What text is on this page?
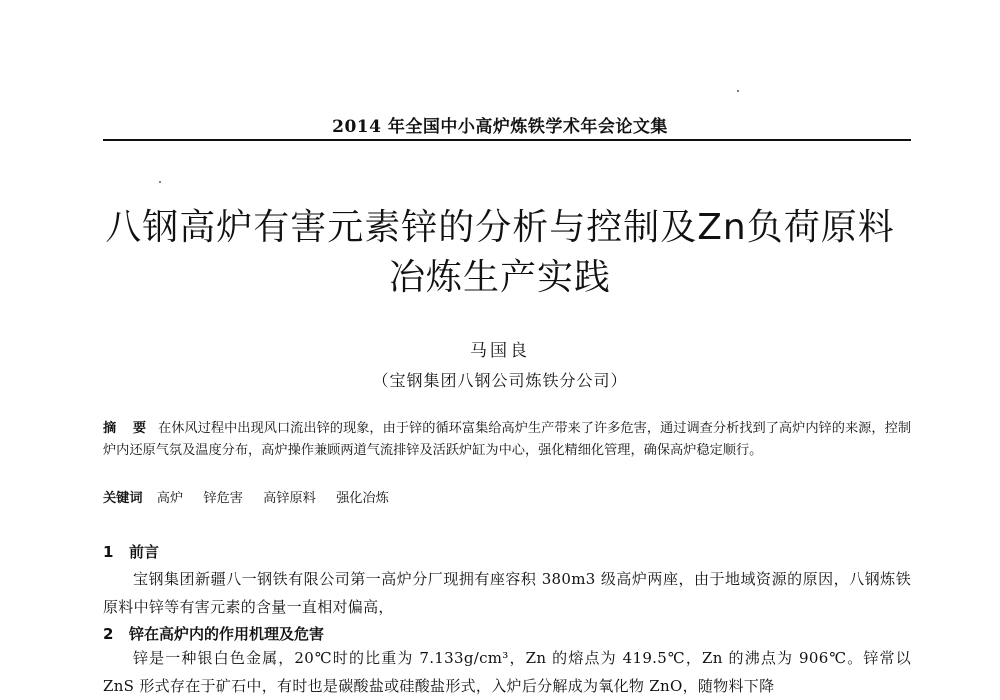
2014 年全国中小高炉炼铁学术年会论文集
八钢高炉有害元素锌的分析与控制及Zn负荷原料
冶炼生产实践
马国良
（宝钢集团八钢公司炼铁分公司）
摘 要 在休风过程中出现风口流出锌的现象，由于锌的循环富集给高炉生产带来了许多危害，通过调查分析找到了高炉内锌的来源，控制炉内还原气氛及温度分布，高炉操作兼顾两道气流排锌及活跃炉缸为中心，强化精细化管理，确保高炉稳定顺行。
关键词 高炉 锌危害 高锌原料 强化冶炼
1 前言
宝钢集团新疆八一钢铁有限公司第一高炉分厂现拥有座容积 380m3 级高炉两座，由于地域资源的原因，八钢炼铁原料中锌等有害元素的含量一直相对偏高，
2 锌在高炉内的作用机理及危害
锌是一种银白色金属，20℃时的比重为 7.133g/cm³，Zn 的熔点为 419.5℃，Zn 的沸点为 906℃。锌常以 ZnS 形式存在于矿石中，有时也是碳酸盐或硅酸盐形式，入炉后分解成为氧化物 ZnO，随物料下降
